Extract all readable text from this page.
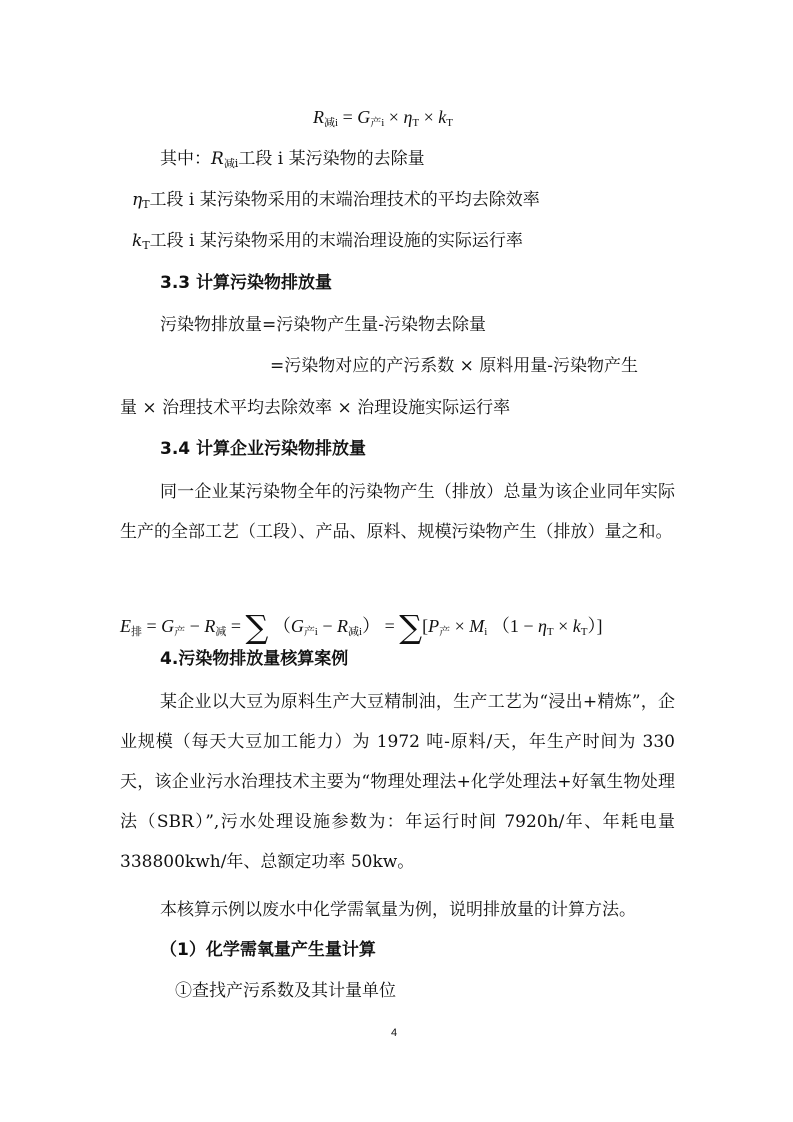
$R_{减i} = G_{产i} \times \eta_T \times k_T$
其中：$R_{减i}$工段 i 某污染物的去除量
$\eta_T$工段 i 某污染物采用的末端治理技术的平均去除效率
$k_T$工段 i 某污染物采用的末端治理设施的实际运行率
3.3 计算污染物排放量
污染物排放量=污染物产生量-污染物去除量
=污染物对应的产污系数 × 原料用量-污染物产生
量 × 治理技术平均去除效率 × 治理设施实际运行率
3.4 计算企业污染物排放量
同一企业某污染物全年的污染物产生（排放）总量为该企业同年实际生产的全部工艺（工段）、产品、原料、规模污染物产生（排放）量之和。
$E_排 = G_产 - R_减$ = ∑ $(G_{产i} - R_{减i}) = \sum[P_产 \times M_i$ $(1 - \eta_T \times k_T)$]
4.污染物排放量核算案例
某企业以大豆为原料生产大豆精制油，生产工艺为“浸出+精炼”，企业规模（每天大豆加工能力）为 1972 吨-原料/天，年生产时间为 330 天，该企业污水治理技术主要为“物理处理法+化学处理法+好氧生物处理法（SBR）”,污水处理设施参数为：年运行时间 7920h/年、年耗电量 338800kwh/年、总额定功率 50kw。
本核算示例以废水中化学需氧量为例，说明排放量的计算方法。
（1）化学需氧量产生量计算
①查找产污系数及其计量单位
4
